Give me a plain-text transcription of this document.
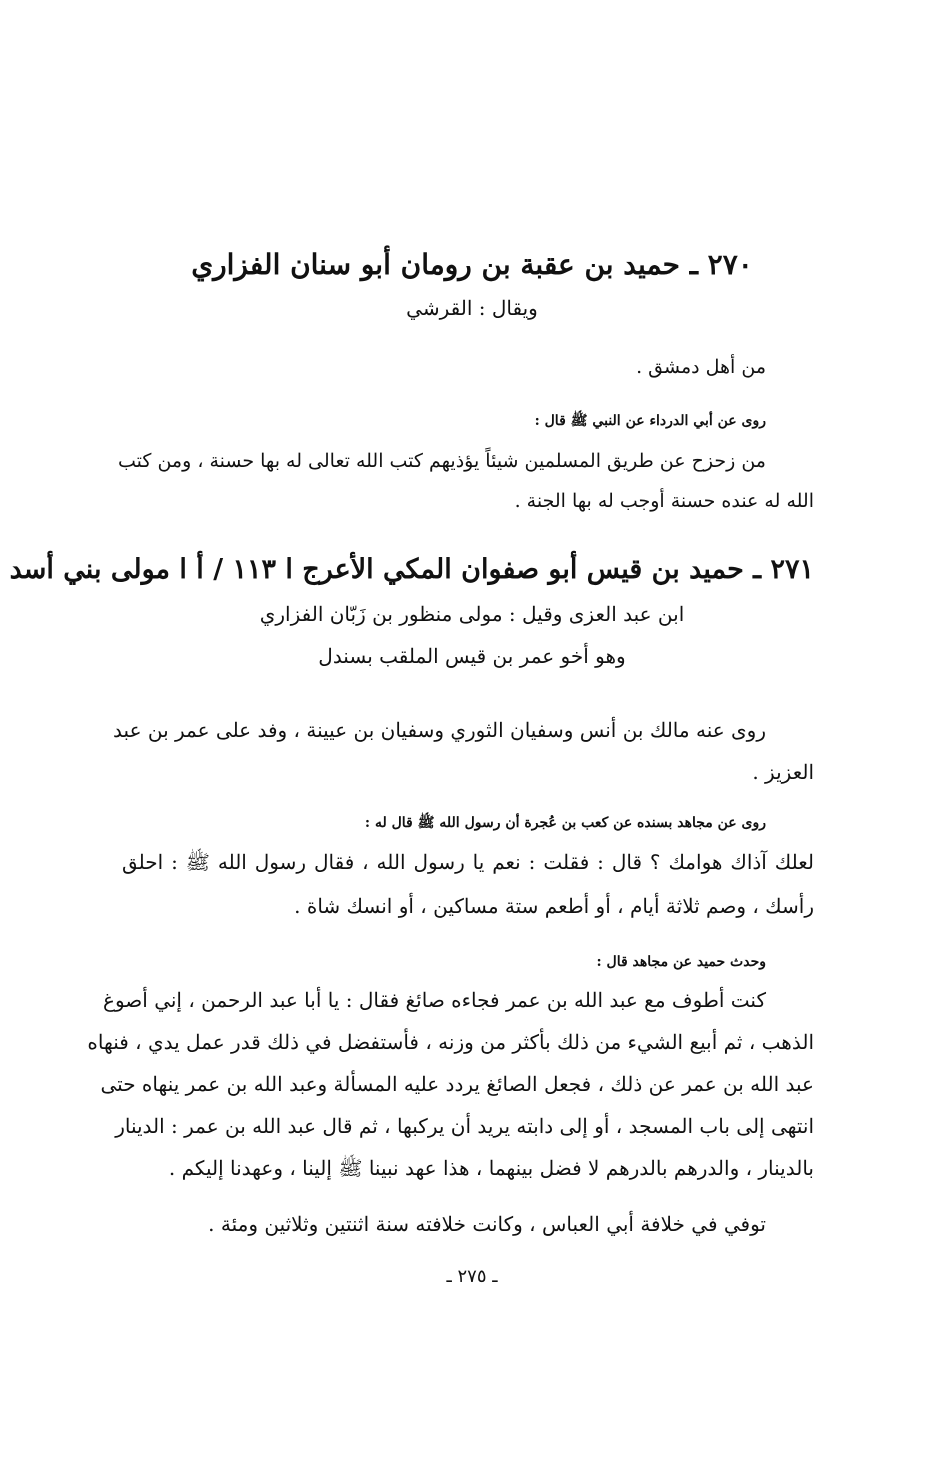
٢٧٠ ـ حميد بن عقبة بن رومان أبو سنان الفزاري
ويقال : القرشي
من أهل دمشق .
روى عن أبي الدرداء عن النبي ﷺ قال :
من زحزح عن طريق المسلمين شيئاً يؤذيهم كتب الله تعالى له بها حسنة ، ومن كتب
الله له عنده حسنة أوجب له بها الجنة .
٢٧١ ـ حميد بن قيس أبو صفوان المكي الأعرج ا ١١٣ / أ ا مولى بني أسد
ابن عبد العزى وقيل : مولى منظور بن زَبّان الفزاري
وهو أخو عمر بن قيس الملقب بسندل
روى عنه مالك بن أنس وسفيان الثوري وسفيان بن عيينة ، وفد على عمر بن عبد
العزيز .
روى عن مجاهد بسنده عن كعب بن عُجرة أن رسول الله ﷺ قال له :
لعلك آذاك هوامك ؟ قال : فقلت : نعم يا رسول الله ، فقال رسول الله ﷺ : احلق
رأسك ، وصم ثلاثة أيام ، أو أطعم ستة مساكين ، أو انسك شاة .
وحدث حميد عن مجاهد قال :
كنت أطوف مع عبد الله بن عمر فجاءه صائغ فقال : يا أبا عبد الرحمن ، إني أصوغ
الذهب ، ثم أبيع الشيء من ذلك بأكثر من وزنه ، فأستفضل في ذلك قدر عمل يدي ، فنهاه
عبد الله بن عمر عن ذلك ، فجعل الصائغ يردد عليه المسألة وعبد الله بن عمر ينهاه حتى
انتهى إلى باب المسجد ، أو إلى دابته يريد أن يركبها ، ثم قال عبد الله بن عمر : الدينار
بالدينار ، والدرهم بالدرهم لا فضل بينهما ، هذا عهد نبينا ﷺ إلينا ، وعهدنا إليكم .
توفي في خلافة أبي العباس ، وكانت خلافته سنة اثنتين وثلاثين ومئة .
ـ ٢٧٥ ـ
